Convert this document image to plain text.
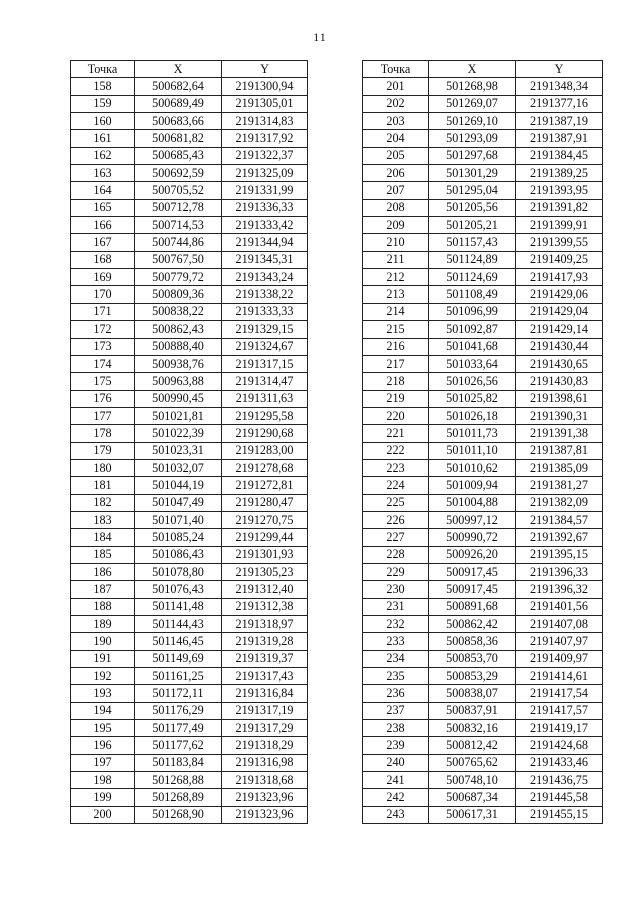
11
Точка	X	Y
158	500682,64	2191300,94
159	500689,49	2191305,01
160	500683,66	2191314,83
161	500681,82	2191317,92
162	500685,43	2191322,37
163	500692,59	2191325,09
164	500705,52	2191331,99
165	500712,78	2191336,33
166	500714,53	2191333,42
167	500744,86	2191344,94
168	500767,50	2191345,31
169	500779,72	2191343,24
170	500809,36	2191338,22
171	500838,22	2191333,33
172	500862,43	2191329,15
173	500888,40	2191324,67
174	500938,76	2191317,15
175	500963,88	2191314,47
176	500990,45	2191311,63
177	501021,81	2191295,58
178	501022,39	2191290,68
179	501023,31	2191283,00
180	501032,07	2191278,68
181	501044,19	2191272,81
182	501047,49	2191280,47
183	501071,40	2191270,75
184	501085,24	2191299,44
185	501086,43	2191301,93
186	501078,80	2191305,23
187	501076,43	2191312,40
188	501141,48	2191312,38
189	501144,43	2191318,97
190	501146,45	2191319,28
191	501149,69	2191319,37
192	501161,25	2191317,43
193	501172,11	2191316,84
194	501176,29	2191317,19
195	501177,49	2191317,29
196	501177,62	2191318,29
197	501183,84	2191316,98
198	501268,88	2191318,68
199	501268,89	2191323,96
200	501268,90	2191323,96
Точка	X	Y
201	501268,98	2191348,34
202	501269,07	2191377,16
203	501269,10	2191387,19
204	501293,09	2191387,91
205	501297,68	2191384,45
206	501301,29	2191389,25
207	501295,04	2191393,95
208	501205,56	2191391,82
209	501205,21	2191399,91
210	501157,43	2191399,55
211	501124,89	2191409,25
212	501124,69	2191417,93
213	501108,49	2191429,06
214	501096,99	2191429,04
215	501092,87	2191429,14
216	501041,68	2191430,44
217	501033,64	2191430,65
218	501026,56	2191430,83
219	501025,82	2191398,61
220	501026,18	2191390,31
221	501011,73	2191391,38
222	501011,10	2191387,81
223	501010,62	2191385,09
224	501009,94	2191381,27
225	501004,88	2191382,09
226	500997,12	2191384,57
227	500990,72	2191392,67
228	500926,20	2191395,15
229	500917,45	2191396,33
230	500917,45	2191396,32
231	500891,68	2191401,56
232	500862,42	2191407,08
233	500858,36	2191407,97
234	500853,70	2191409,97
235	500853,29	2191414,61
236	500838,07	2191417,54
237	500837,91	2191417,57
238	500832,16	2191419,17
239	500812,42	2191424,68
240	500765,62	2191433,46
241	500748,10	2191436,75
242	500687,34	2191445,58
243	500617,31	2191455,15
